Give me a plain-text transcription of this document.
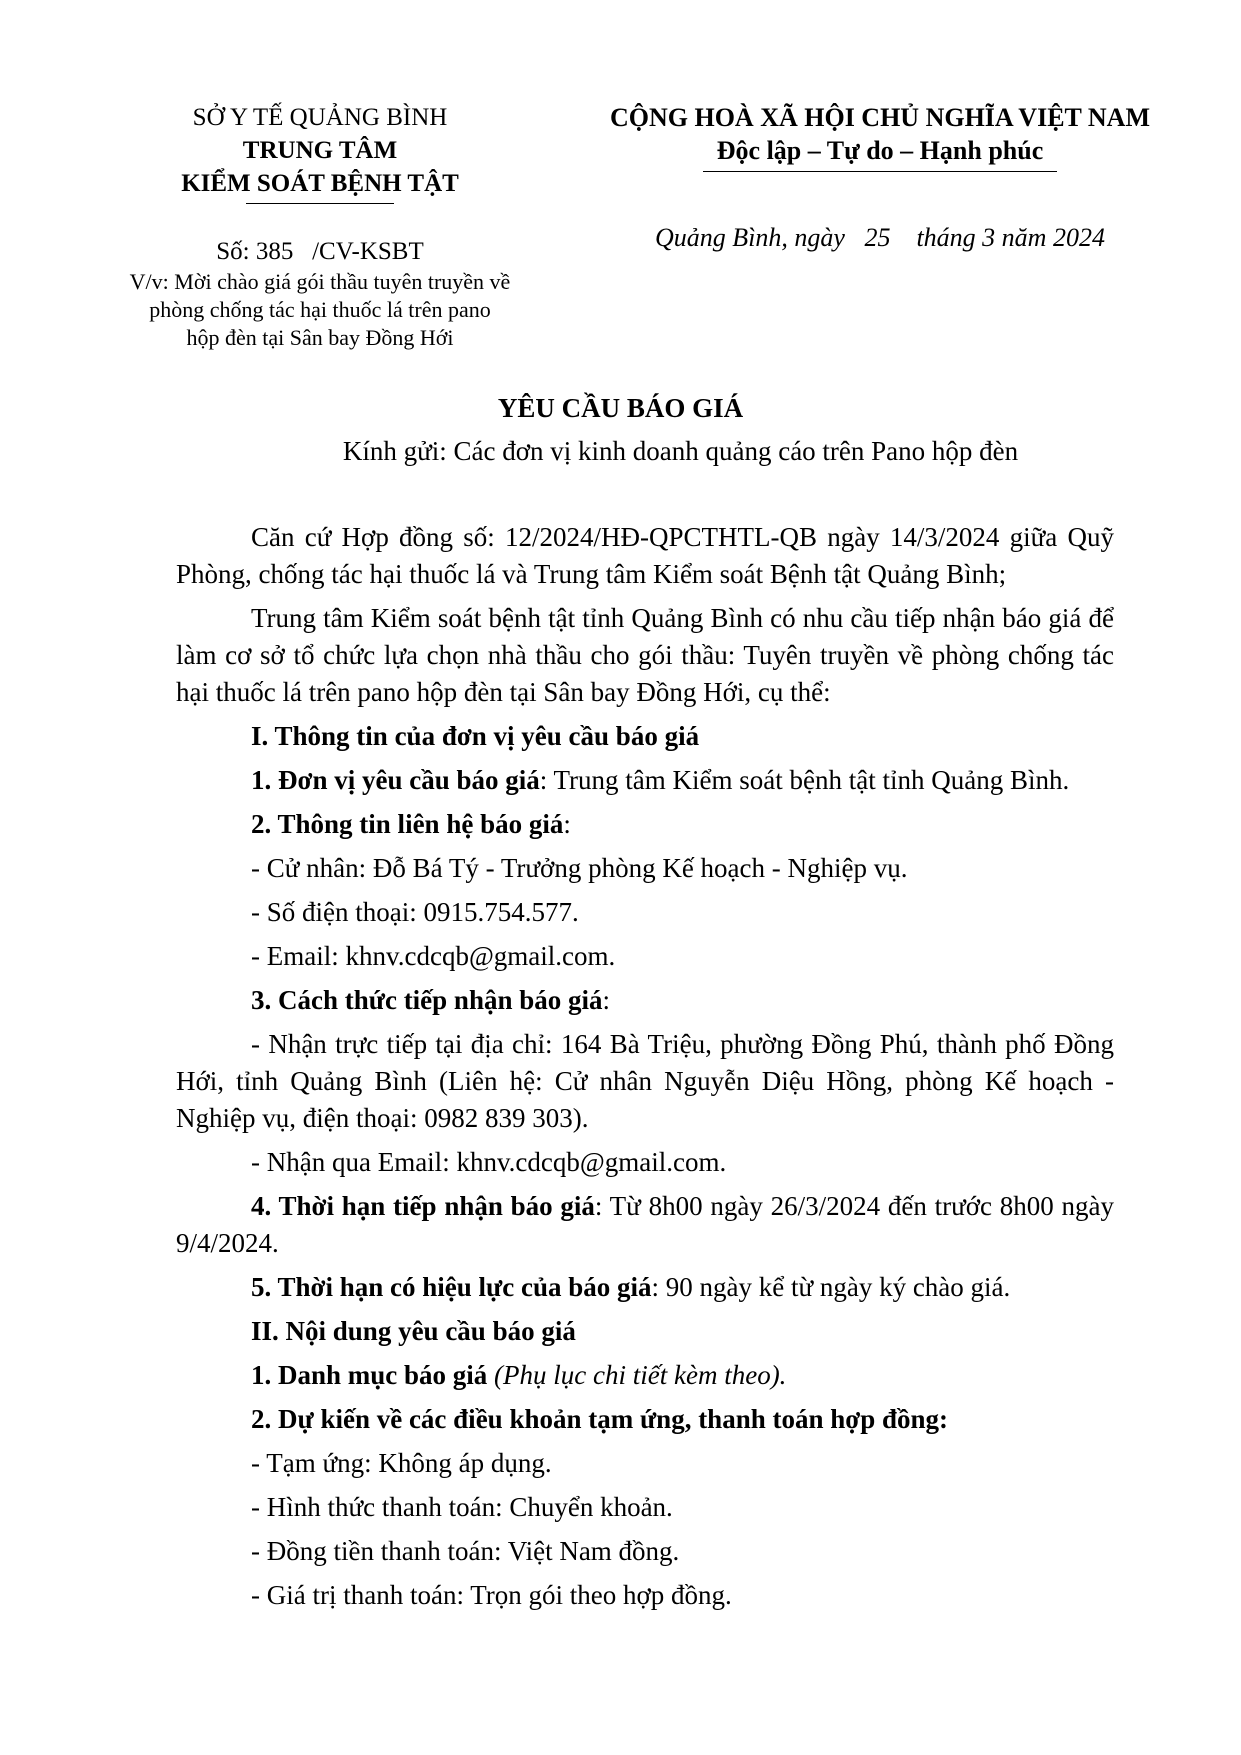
SỞ Y TẾ QUẢNG BÌNH
TRUNG TÂM
KIỂM SOÁT BỆNH TẬT
Số: 385   /CV-KSBT
V/v: Mời chào giá gói thầu tuyên truyền về
phòng chống tác hại thuốc lá trên pano
hộp đèn tại Sân bay Đồng Hới
CỘNG HOÀ XÃ HỘI CHỦ NGHĨA VIỆT NAM
Độc lập – Tự do – Hạnh phúc
Quảng Bình, ngày   25    tháng 3 năm 2024
YÊU CẦU BÁO GIÁ
Kính gửi: Các đơn vị kinh doanh quảng cáo trên Pano hộp đèn

Căn cứ Hợp đồng số: 12/2024/HĐ-QPCTHTL-QB ngày 14/3/2024 giữa Quỹ Phòng, chống tác hại thuốc lá và Trung tâm Kiểm soát Bệnh tật Quảng Bình;

Trung tâm Kiểm soát bệnh tật tỉnh Quảng Bình có nhu cầu tiếp nhận báo giá để làm cơ sở tổ chức lựa chọn nhà thầu cho gói thầu: Tuyên truyền về phòng chống tác hại thuốc lá trên pano hộp đèn tại Sân bay Đồng Hới, cụ thể:

I. Thông tin của đơn vị yêu cầu báo giá

1. Đơn vị yêu cầu báo giá: Trung tâm Kiểm soát bệnh tật tỉnh Quảng Bình.

2. Thông tin liên hệ báo giá:

- Cử nhân: Đỗ Bá Tý - Trưởng phòng Kế hoạch - Nghiệp vụ.

- Số điện thoại: 0915.754.577.

- Email: khnv.cdcqb@gmail.com.

3. Cách thức tiếp nhận báo giá:

- Nhận trực tiếp tại địa chỉ: 164 Bà Triệu, phường Đồng Phú, thành phố Đồng Hới, tỉnh Quảng Bình (Liên hệ: Cử nhân Nguyễn Diệu Hồng, phòng Kế hoạch - Nghiệp vụ, điện thoại: 0982 839 303).

- Nhận qua Email: khnv.cdcqb@gmail.com.

4. Thời hạn tiếp nhận báo giá: Từ 8h00 ngày 26/3/2024 đến trước 8h00 ngày 9/4/2024.

5. Thời hạn có hiệu lực của báo giá: 90 ngày kể từ ngày ký chào giá.

II. Nội dung yêu cầu báo giá

1. Danh mục báo giá (Phụ lục chi tiết kèm theo).

2. Dự kiến về các điều khoản tạm ứng, thanh toán hợp đồng:

- Tạm ứng: Không áp dụng.

- Hình thức thanh toán: Chuyển khoản.

- Đồng tiền thanh toán: Việt Nam đồng.

- Giá trị thanh toán: Trọn gói theo hợp đồng.
